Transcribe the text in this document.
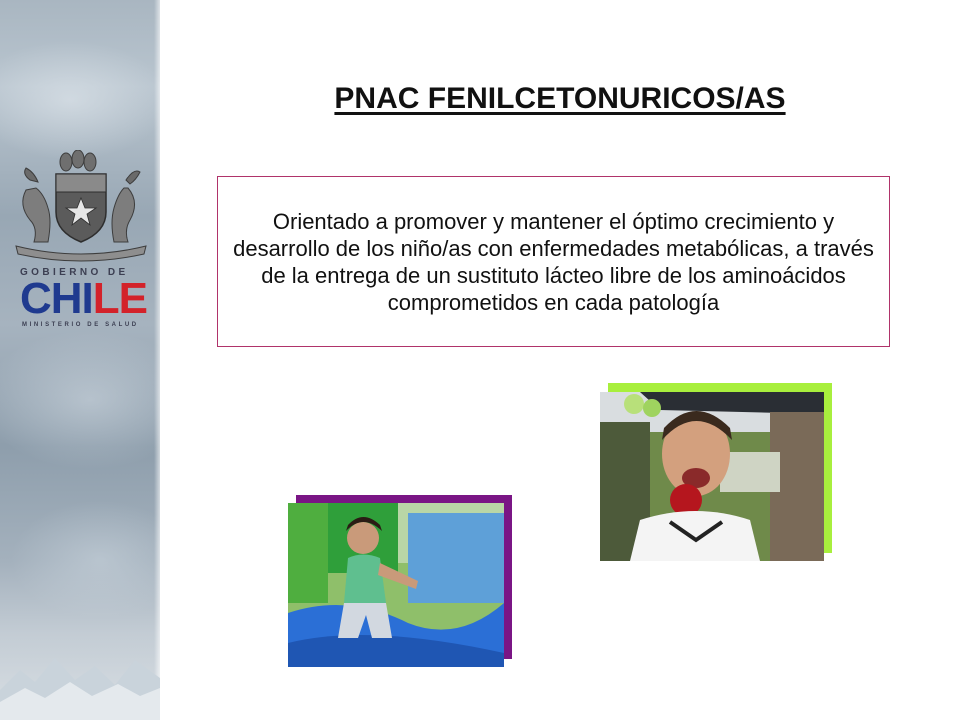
GOBIERNO DE
CHILE
MINISTERIO DE SALUD
PNAC FENILCETONURICOS/AS
Orientado a promover y mantener el óptimo crecimiento y desarrollo de los niño/as con enfermedades metabólicas, a través de la entrega de un sustituto lácteo libre de los aminoácidos comprometidos en cada patología
